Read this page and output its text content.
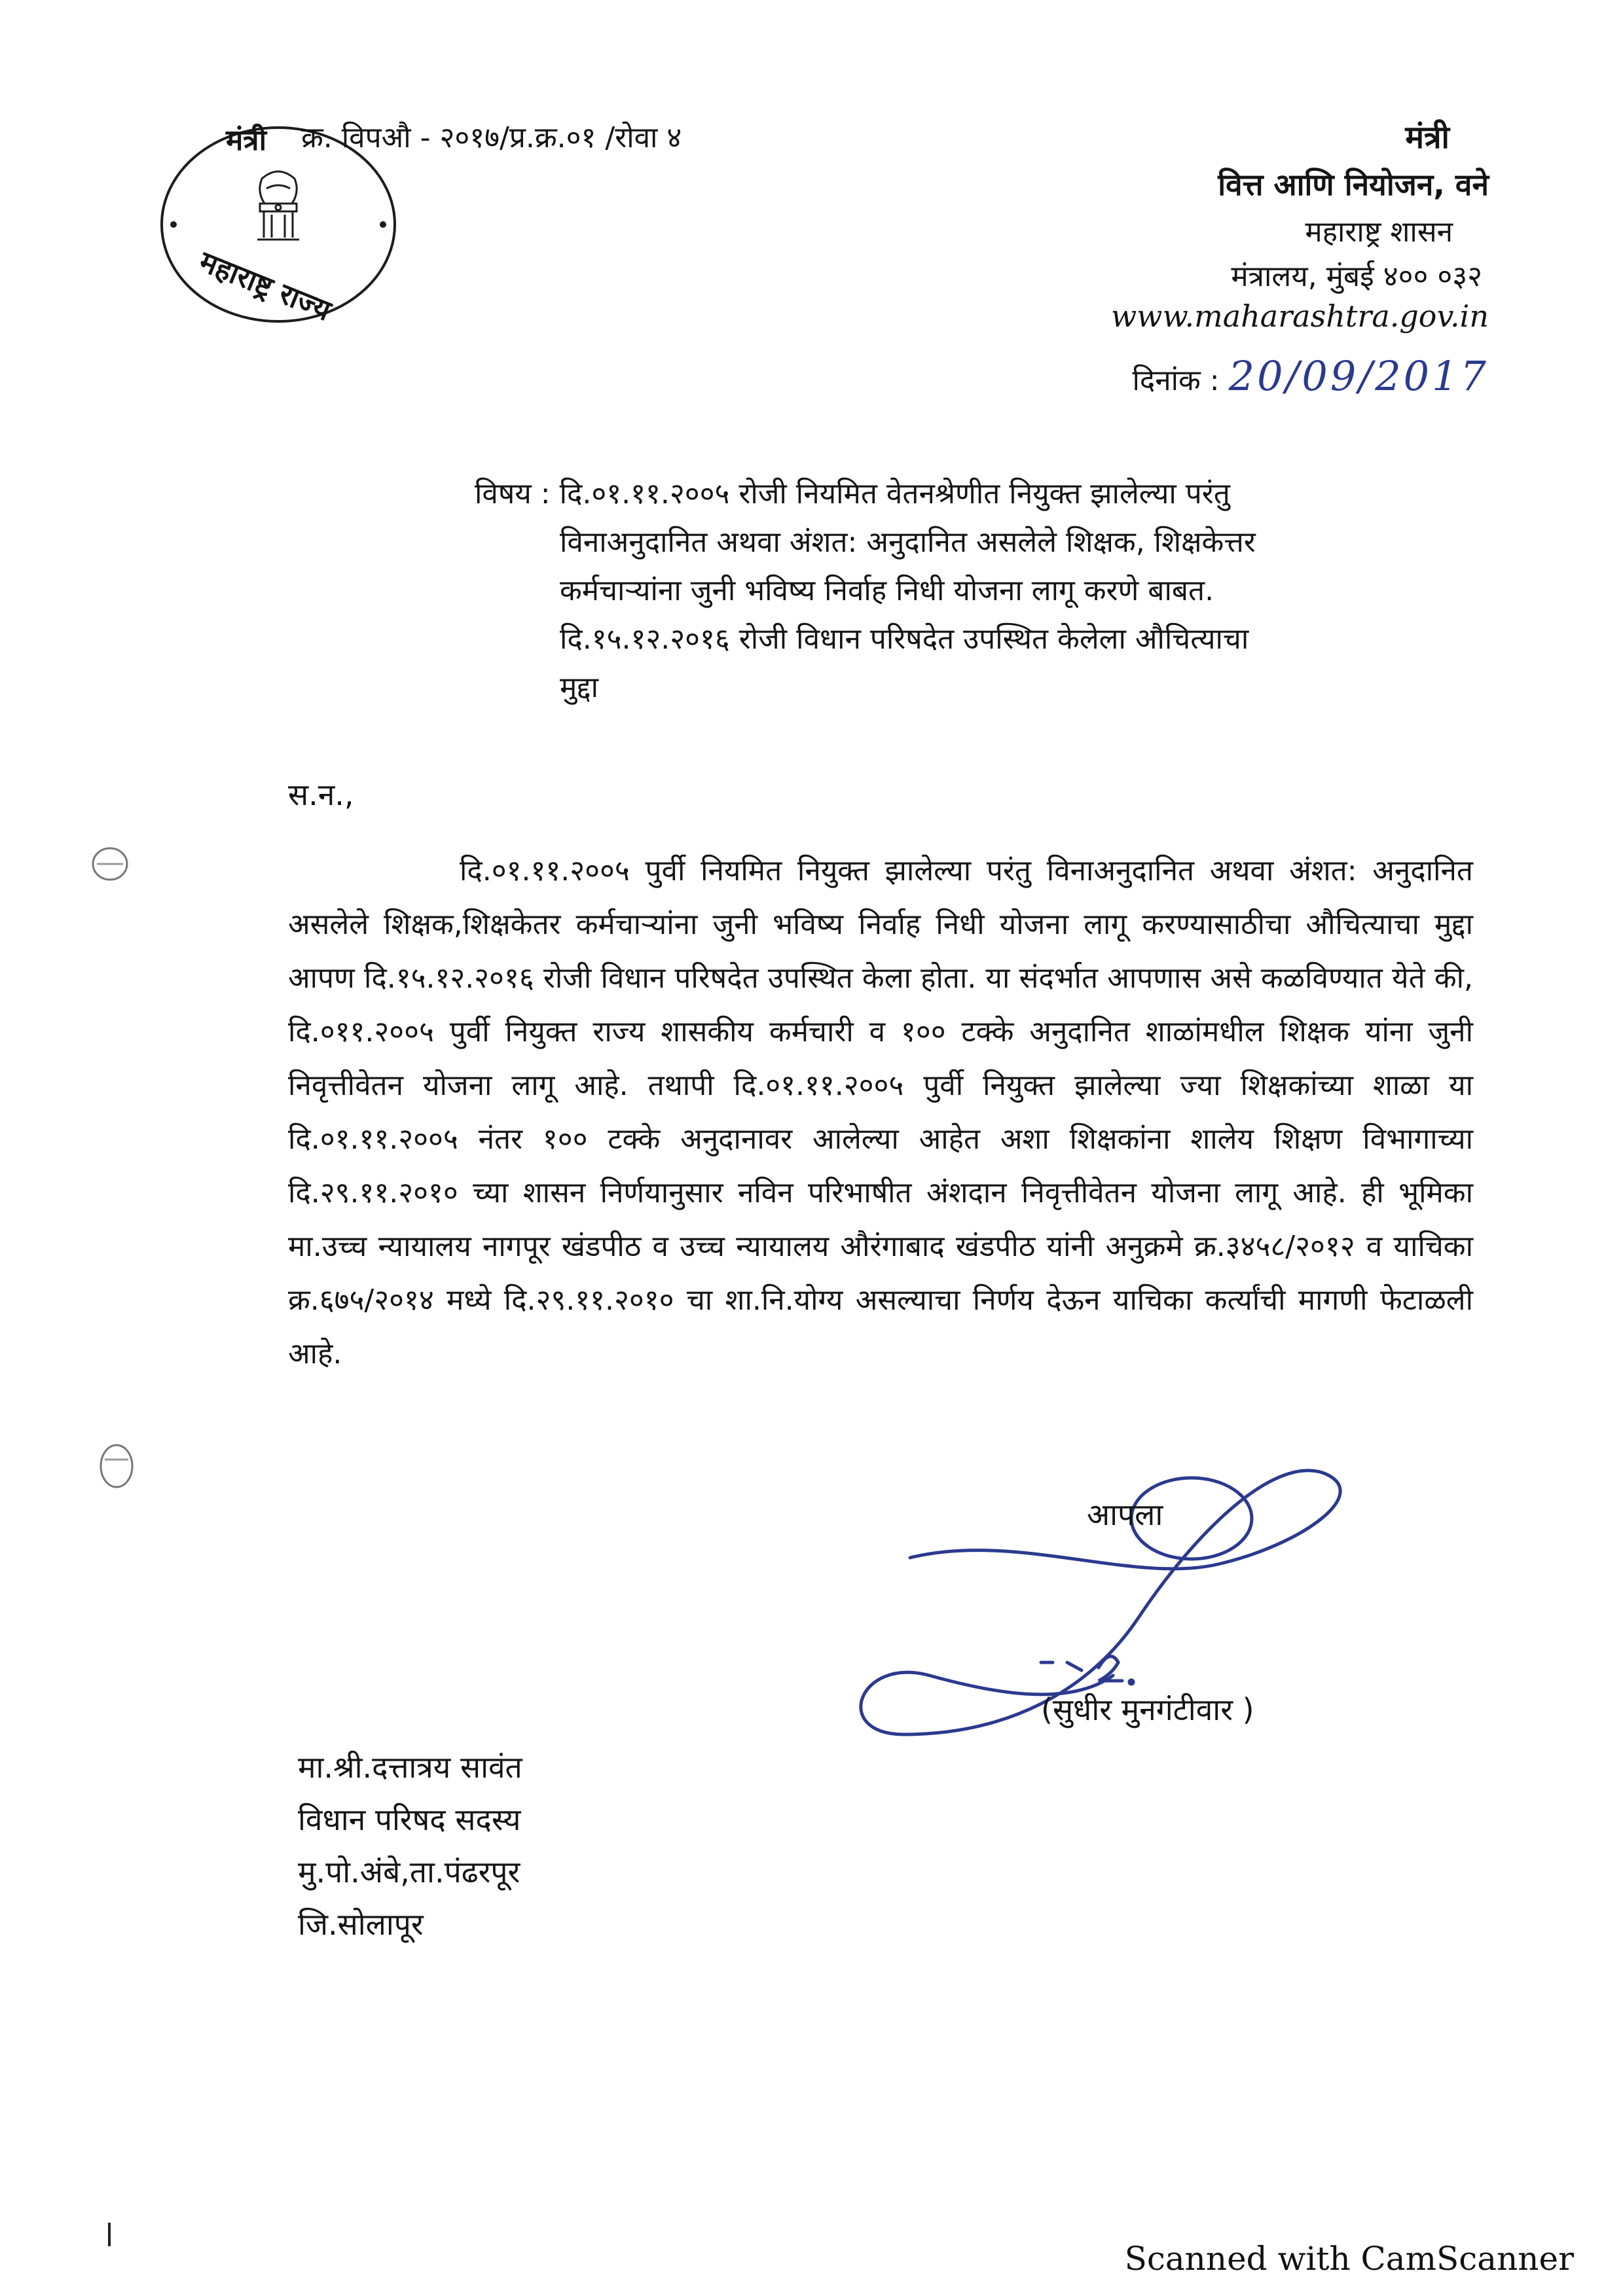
मंत्री
महाराष्ट्र राज्य
क्र. विपऔ - २०१७/प्र.क्र.०१ /रोवा ४	मंत्री
वित्त आणि नियोजन, वने
महाराष्ट्र शासन
मंत्रालय, मुंबई ४०० ०३२
www.maharashtra.gov.in
दिनांक : 20/09/2017
विषय : दि.०१.११.२००५ रोजी नियमित वेतनश्रेणीत नियुक्त झालेल्या परंतु
विनाअनुदानित अथवा अंशत: अनुदानित असलेले शिक्षक, शिक्षकेत्तर
कर्मचाऱ्यांना जुनी भविष्य निर्वाह निधी योजना लागू करणे बाबत.
दि.१५.१२.२०१६ रोजी विधान परिषदेत उपस्थित केलेला औचित्याचा
मुद्दा
स.न.,

दि.०१.११.२००५ पुर्वी नियमित नियुक्त झालेल्या परंतु विनाअनुदानित अथवा अंशत: अनुदानित असलेले शिक्षक,शिक्षकेतर कर्मचाऱ्यांना जुनी भविष्य निर्वाह निधी योजना लागू करण्यासाठीचा औचित्याचा मुद्दा आपण दि.१५.१२.२०१६ रोजी विधान परिषदेत उपस्थित केला होता. या संदर्भात आपणास असे कळविण्यात येते की, दि.०११.२००५ पुर्वी नियुक्त राज्य शासकीय कर्मचारी व १०० टक्के अनुदानित शाळांमधील शिक्षक यांना जुनी निवृत्तीवेतन योजना लागू आहे. तथापी दि.०१.११.२००५ पुर्वी नियुक्त झालेल्या ज्या शिक्षकांच्या शाळा या दि.०१.११.२००५ नंतर १०० टक्के अनुदानावर आलेल्या आहेत अशा शिक्षकांना शालेय शिक्षण विभागाच्या दि.२९.११.२०१० च्या शासन निर्णयानुसार नविन परिभाषीत अंशदान निवृत्तीवेतन योजना लागू आहे. ही भूमिका मा.उच्च न्यायालय नागपूर खंडपीठ व उच्च न्यायालय औरंगाबाद खंडपीठ यांनी अनुक्रमे क्र.३४५८/२०१२ व याचिका क्र.६७५/२०१४ मध्ये दि.२९.११.२०१० चा शा.नि.योग्य असल्याचा निर्णय देऊन याचिका कर्त्यांची मागणी फेटाळली आहे.

आपला
(सुधीर मुनगंटीवार )
मा.श्री.दत्तात्रय सावंत
विधान परिषद सदस्य
मु.पो.अंबे,ता.पंढरपूर
जि.सोलापूर
Scanned with CamScanner
